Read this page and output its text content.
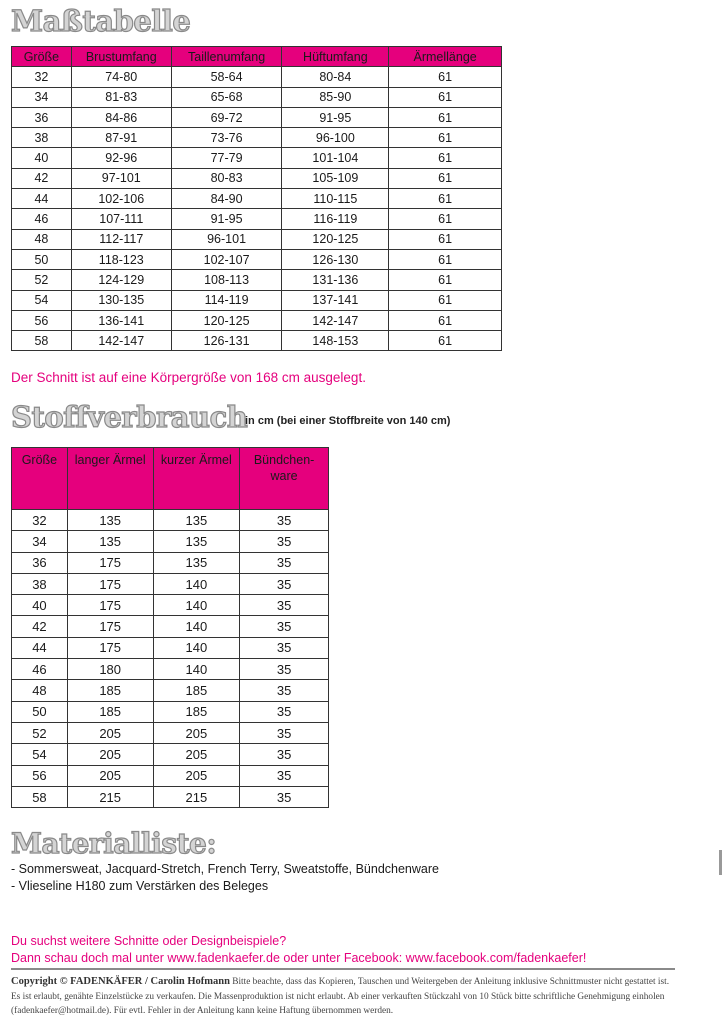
Maßtabelle
Größe	Brustumfang	Taillenumfang	Hüftumfang	Ärmellänge
32	74-80	58-64	80-84	61
34	81-83	65-68	85-90	61
36	84-86	69-72	91-95	61
38	87-91	73-76	96-100	61
40	92-96	77-79	101-104	61
42	97-101	80-83	105-109	61
44	102-106	84-90	110-115	61
46	107-111	91-95	116-119	61
48	112-117	96-101	120-125	61
50	118-123	102-107	126-130	61
52	124-129	108-113	131-136	61
54	130-135	114-119	137-141	61
56	136-141	120-125	142-147	61
58	142-147	126-131	148-153	61
Der Schnitt ist auf eine Körpergröße von 168 cm ausgelegt.
Stoffverbrauch
in cm (bei einer Stoffbreite von 140 cm)
Größe	langer Ärmel	kurzer Ärmel	Bündchen-
ware
32	135	135	35
34	135	135	35
36	175	135	35
38	175	140	35
40	175	140	35
42	175	140	35
44	175	140	35
46	180	140	35
48	185	185	35
50	185	185	35
52	205	205	35
54	205	205	35
56	205	205	35
58	215	215	35
Materialliste:
- Sommersweat, Jacquard-Stretch, French Terry, Sweatstoffe, Bündchenware
- Vlieseline H180 zum Verstärken des Beleges
Du suchst weitere Schnitte oder Designbeispiele?
Dann schau doch mal unter www.fadenkaefer.de oder unter Facebook: www.facebook.com/fadenkaefer!
Copyright © FADENKÄFER / Carolin Hofmann Bitte beachte, dass das Kopieren, Tauschen und Weitergeben der Anleitung inklusive Schnittmuster nicht gestattet ist. Es ist erlaubt, genähte Einzelstücke zu verkaufen. Die Massenproduktion ist nicht erlaubt. Ab einer verkauften Stückzahl von 10 Stück bitte schriftliche Genehmigung einholen (fadenkaefer@hotmail.de). Für evtl. Fehler in der Anleitung kann keine Haftung übernommen werden.
